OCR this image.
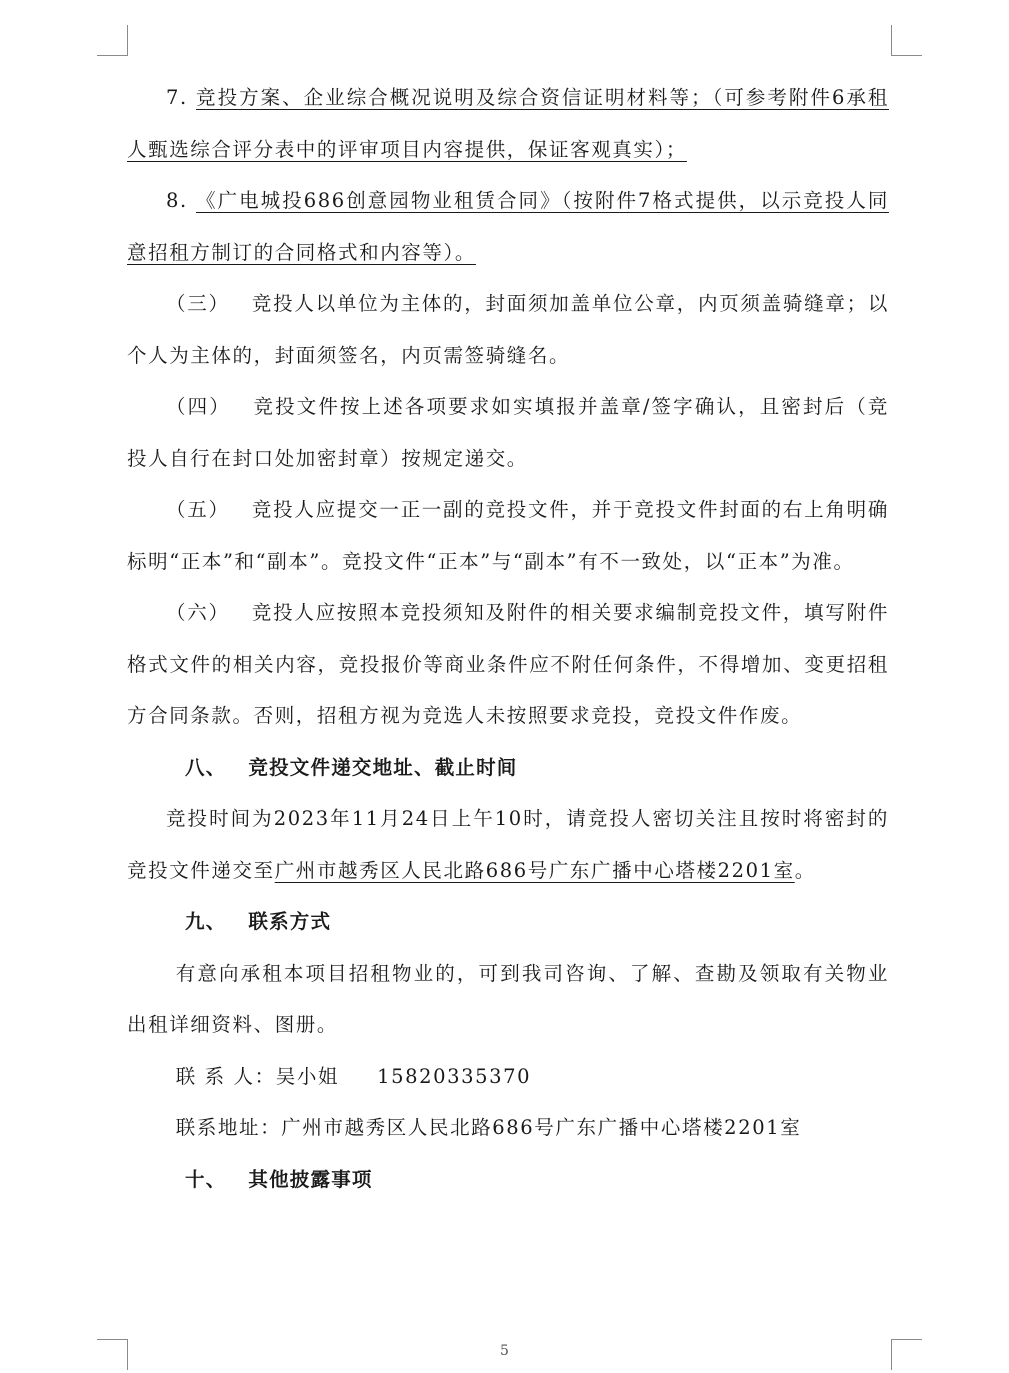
7. 竞投方案、企业综合概况说明及综合资信证明材料等；（可参考附件6承租人甄选综合评分表中的评审项目内容提供，保证客观真实）；

8. 《广电城投686创意园物业租赁合同》（按附件7格式提供，以示竞投人同意招租方制订的合同格式和内容等）。

（三） 竞投人以单位为主体的，封面须加盖单位公章，内页须盖骑缝章；以个人为主体的，封面须签名，内页需签骑缝名。

（四） 竞投文件按上述各项要求如实填报并盖章/签字确认，且密封后（竞投人自行在封口处加密封章）按规定递交。

（五） 竞投人应提交一正一副的竞投文件，并于竞投文件封面的右上角明确标明“正本”和“副本”。竞投文件“正本”与“副本”有不一致处，以“正本”为准。

（六） 竞投人应按照本竞投须知及附件的相关要求编制竞投文件，填写附件格式文件的相关内容，竞投报价等商业条件应不附任何条件，不得增加、变更招租方合同条款。否则，招租方视为竞选人未按照要求竞投，竞投文件作废。

八、 竞投文件递交地址、截止时间

竞投时间为2023年11月24日上午10时，请竞投人密切关注且按时将密封的竞投文件递交至广州市越秀区人民北路686号广东广播中心塔楼2201室。

九、 联系方式

有意向承租本项目招租物业的，可到我司咨询、了解、查勘及领取有关物业出租详细资料、图册。

联 系 人：吴小姐 15820335370

联系地址：广州市越秀区人民北路686号广东广播中心塔楼2201室

十、 其他披露事项
5
